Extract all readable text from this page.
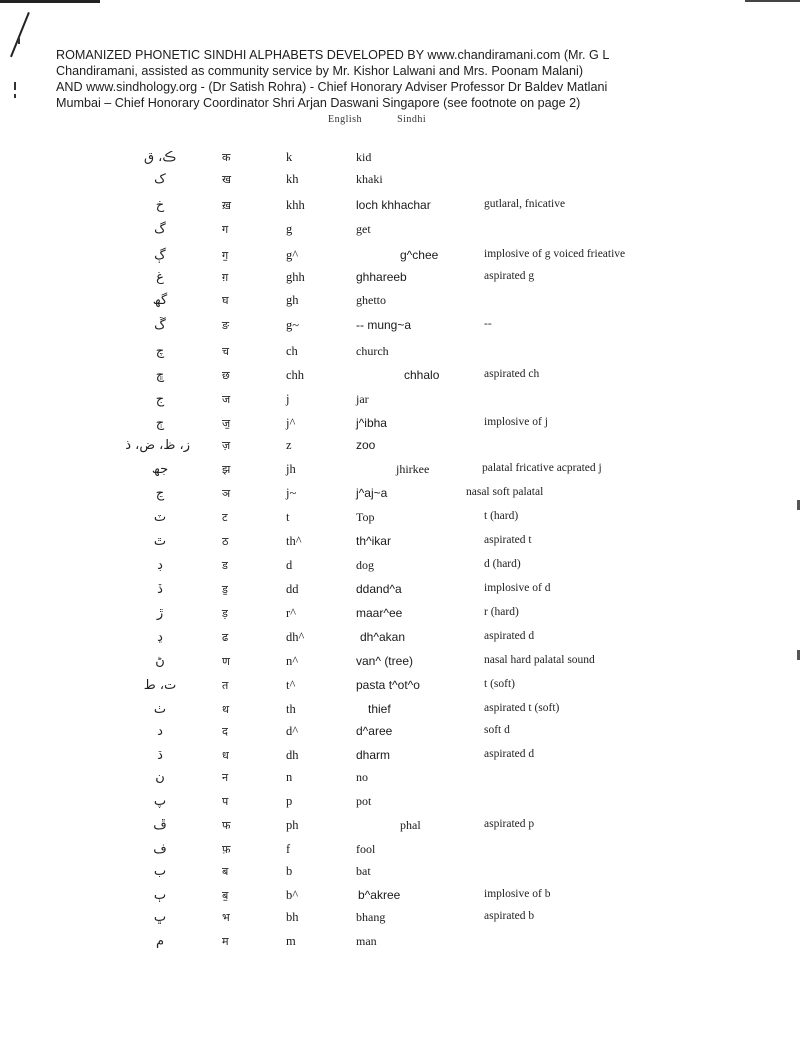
ROMANIZED PHONETIC SINDHI ALPHABETS DEVELOPED BY www.chandiramani.com (Mr. G L
Chandiramani, assisted as community service by Mr. Kishor Lalwani and Mrs. Poonam Malani)
AND www.sindhology.org - (Dr Satish Rohra) - Chief Honorary Adviser Professor Dr Baldev Matlani
Mumbai – Chief Honorary Coordinator Shri Arjan Daswani Singapore (see footnote on page 2)
English	Sindhi
ڪ، ق	क	k	kid
ک	ख	kh	khaki
خ	ख़	khh	loch khhachar	gutlaral, fnicative
گ	ग	g	get
ڳ	ग॒	g^	g^chee	implosive of g voiced frieative
غ	ग़	ghh	ghhareeb	aspirated g
گھ	घ	gh	ghetto
ڱ	ङ	g~	-- mung~a	--
چ	च	ch	church
ڇ	छ	chh	chhalo	aspirated ch
ج	ज	j	jar
ڄ	ज॒	j^	j^ibha	implosive of j
ز، ظ، ض، ذ	ज़	z	zoo
جھ	झ	jh	jhirkee	palatal fricative acprated j
ڃ	ञ	j~	j^aj~a	nasal soft palatal
ٽ	ट	t	Top	t (hard)
ٿ	ठ	th^	th^ikar	aspirated t
ڊ	ड	d	dog	d (hard)
ڏ	ड॒	dd	ddand^a	implosive of d
ڙ	ड़	r^	maar^ee	r (hard)
ڍ	ढ	dh^	dh^akan	aspirated d
ڻ	ण	n^	van^ (tree)	nasal hard palatal sound
ت، ط	त	t^	pasta t^ot^o	t (soft)
ٺ	थ	th	thief	aspirated t (soft)
د	द	d^	d^aree	soft d
ڌ	ध	dh	dharm	aspirated d
ن	न	n	no
پ	प	p	pot
ڦ	फ	ph	phal	aspirated p
ف	फ़	f	fool
ب	ब	b	bat
ٻ	ब॒	b^	b^akree	implosive of b
ڀ	भ	bh	bhang	aspirated b
م	म	m	man
